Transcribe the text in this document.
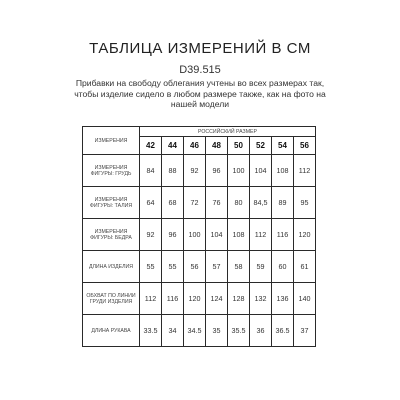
ТАБЛИЦА ИЗМЕРЕНИЙ В СМ
D39.515
Прибавки на свободу облегания учтены во всех размерах так, чтобы изделие сидело в любом размере также, как на фото на нашей модели
ИЗМЕРЕНИЯ	РОССИЙСКИЙ РАЗМЕР							
	42	44	46	48	50	52	54	56
ИЗМЕРЕНИЯ ФИГУРЫ: ГРУДЬ	84	88	92	96	100	104	108	112
ИЗМЕРЕНИЯ ФИГУРЫ: ТАЛИЯ	64	68	72	76	80	84,5	89	95
ИЗМЕРЕНИЯ ФИГУРЫ: БЕДРА	92	96	100	104	108	112	116	120
ДЛИНА ИЗДЕЛИЯ	55	55	56	57	58	59	60	61
ОБХВАТ ПО ЛИНИИ ГРУДИ ИЗДЕЛИЯ	112	116	120	124	128	132	136	140
ДЛИНА РУКАВА	33.5	34	34.5	35	35.5	36	36.5	37
